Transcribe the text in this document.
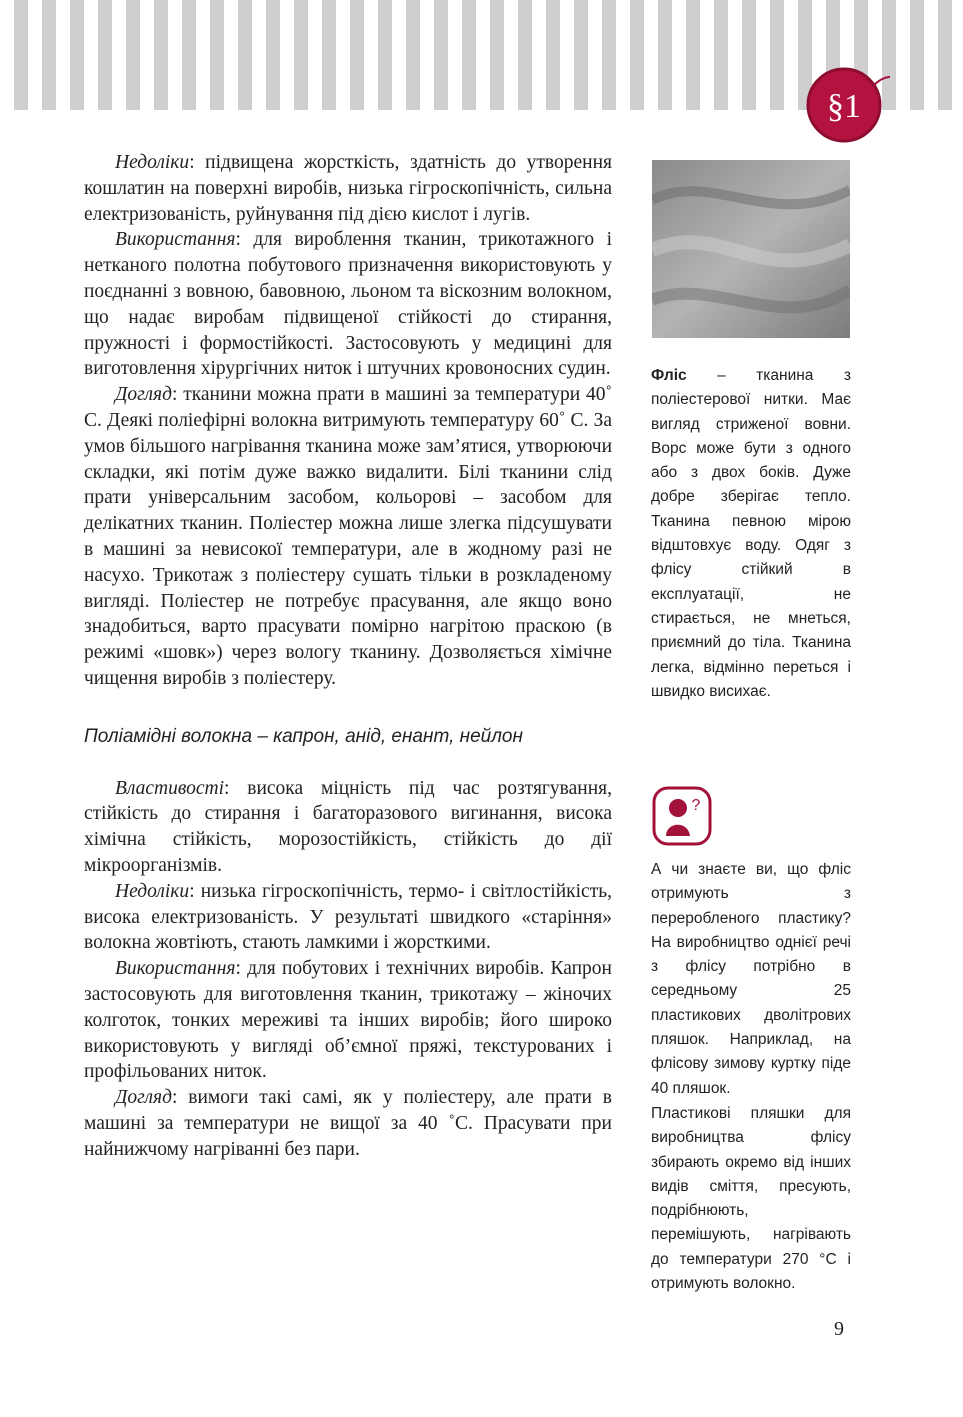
§1

Недоліки: підвищена жорсткість, здатність до утворення кошлатин на поверхні виробів, низька гігроскопічність, сильна електризованість, руйнування під дією кислот і лугів.

Використання: для вироблення тканин, трикотажного і нетканого полотна побутового призначення використовують у поєднанні з вовною, бавовною, льоном та віскозним волокном, що надає виробам підвищеної стійкості до стирання, пружності і формостійкості. Застосовують у медицині для виготовлення хірургічних ниток і штучних кровоносних судин.

Догляд: тканини можна прати в машині за температури 40˚ С. Деякі поліефірні волокна витримують температуру 60˚ С. За умов більшого нагрівання тканина може зам’ятися, утворюючи складки, які потім дуже важко видалити. Білі тканини слід прати універсальним засобом, кольорові – засобом для делікатних тканин. Поліестер можна лише злегка підсушувати в машині за невисокої температури, але в жодному разі не насухо. Трикотаж з поліестеру сушать тільки в розкладеному вигляді. Поліестер не потребує прасування, але якщо воно знадобиться, варто прасувати помірно нагрітою праскою (в режимі «шовк») через вологу тканину. Дозволяється хімічне чищення виробів з поліестеру.

Поліамідні волокна – капрон, анід, енант, нейлон

Властивості: висока міцність під час розтягування, стійкість до стирання і багаторазового вигинання, висока хімічна стійкість, морозостійкість, стійкість до дії мікроорганізмів.

Недоліки: низька гігроскопічність, термо- і світлостійкість, висока електризованість. У результаті швидкого «старіння» волокна жовтіють, стають ламкими і жорсткими.

Використання: для побутових і технічних виробів. Капрон застосовують для виготовлення тканин, трикотажу – жіночих колготок, тонких мереживі та інших виробів; його широко використовують у вигляді об’ємної пряжі, текстурованих і профільованих ниток.

Догляд: вимоги такі самі, як у поліестеру, але прати в машині за температури не вищої за 40 ˚С. Прасувати при найнижчому нагріванні без пари.

Фліс – тканина з поліестерової нитки. Має вигляд стриженої вовни. Ворс може бути з одного або з двох боків. Дуже добре зберігає тепло. Тканина певною мірою відштовхує воду. Одяг з флісу стійкий в експлуатації, не стирається, не мнеться, приємний до тіла. Тканина легка, відмінно переться і швидко висихає.

?

А чи знаєте ви, що фліс отримують з переробленого пластику? На виробництво однієї речі з флісу потрібно в середньому 25 пластикових дволітрових пляшок. Наприклад, на флісову зимову куртку піде 40 пляшок.

Пластикові пляшки для виробництва флісу збирають окремо від інших видів сміття, пресують, подрібнюють, перемішують, нагрівають до температури 270 °С і отримують волокно.

9
